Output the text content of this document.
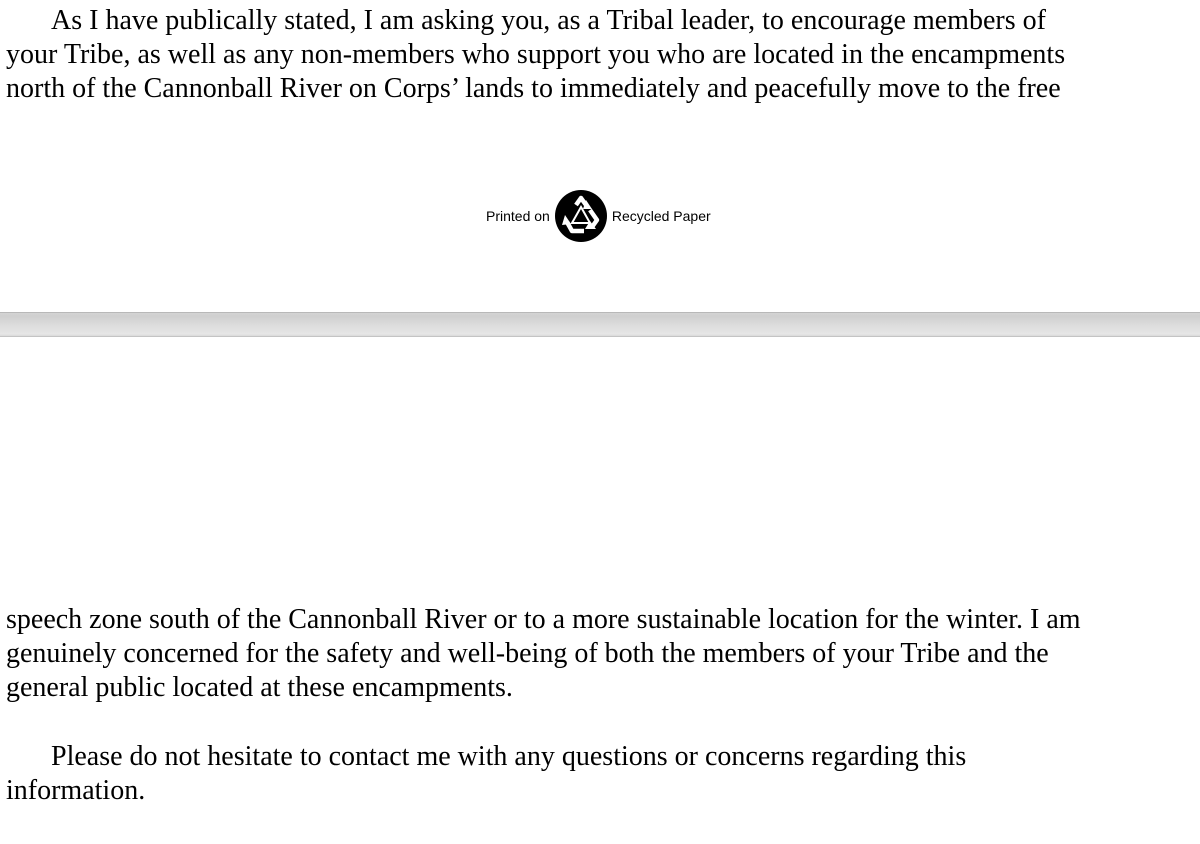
As I have publically stated, I am asking you, as a Tribal leader, to encourage members of

your Tribe, as well as any non-members who support you who are located in the encampments

north of the Cannonball River on Corps’ lands to immediately and peacefully move to the free

Printed on	Recycled Paper

speech zone south of the Cannonball River or to a more sustainable location for the winter. I am

genuinely concerned for the safety and well-being of both the members of your Tribe and the

general public located at these encampments.

Please do not hesitate to contact me with any questions or concerns regarding this

information.
